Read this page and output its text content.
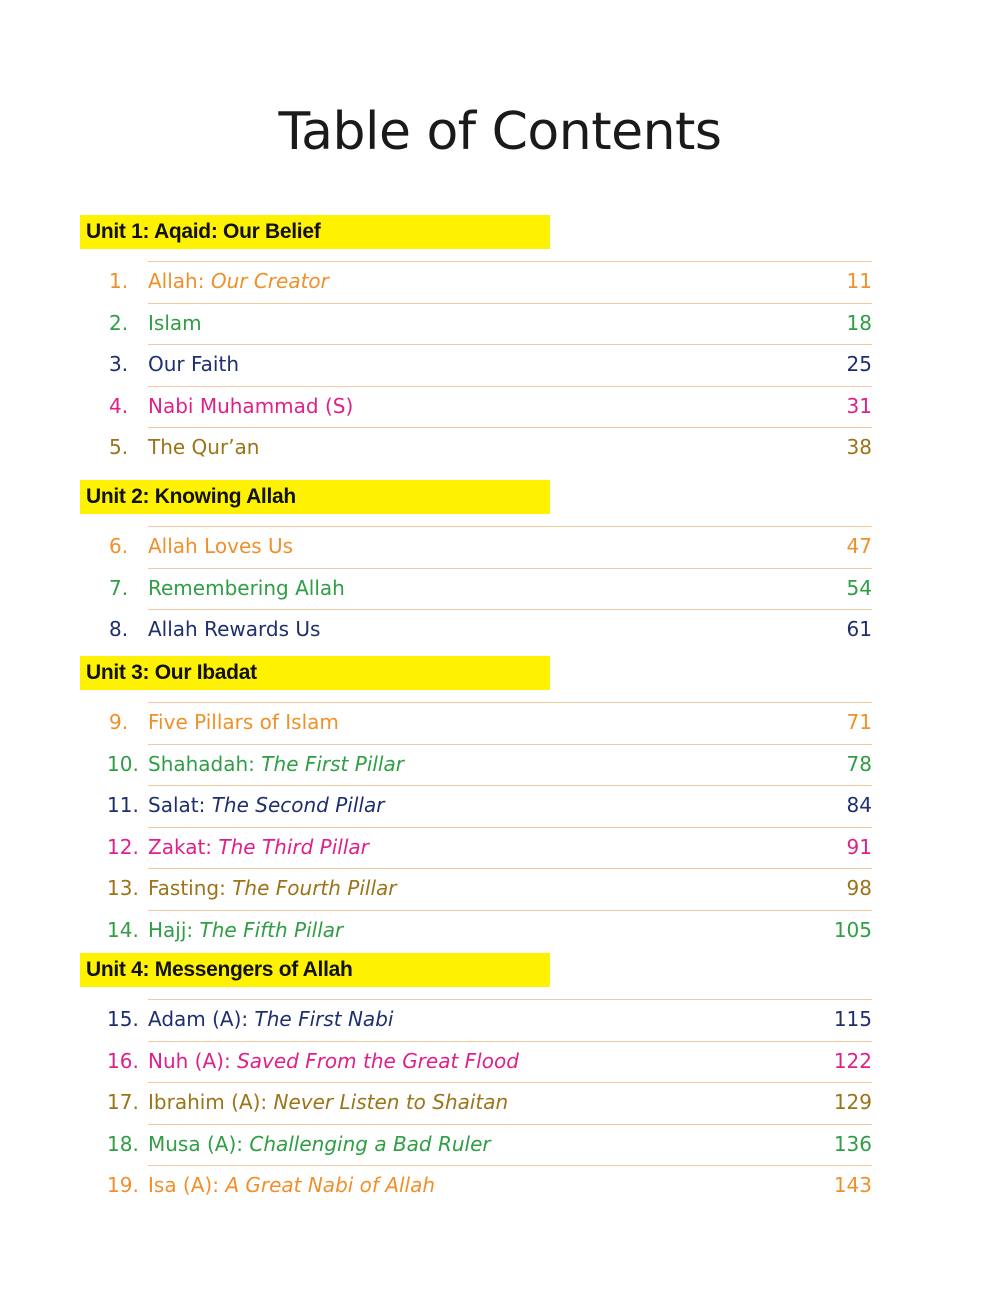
Table of Contents
Unit 1: Aqaid: Our Belief
1. Allah: Our Creator	11
2. Islam	18
3. Our Faith	25
4. Nabi Muhammad (S)	31
5. The Qur’an	38
Unit 2: Knowing Allah
6. Allah Loves Us	47
7. Remembering Allah	54
8. Allah Rewards Us	61
Unit 3: Our Ibadat
9. Five Pillars of Islam	71
10. Shahadah: The First Pillar	78
11. Salat: The Second Pillar	84
12. Zakat: The Third Pillar	91
13. Fasting: The Fourth Pillar	98
14. Hajj: The Fifth Pillar	105
Unit 4: Messengers of Allah
15. Adam (A): The First Nabi	115
16. Nuh (A): Saved From the Great Flood	122
17. Ibrahim (A): Never Listen to Shaitan	129
18. Musa (A): Challenging a Bad Ruler	136
19. Isa (A): A Great Nabi of Allah	143
